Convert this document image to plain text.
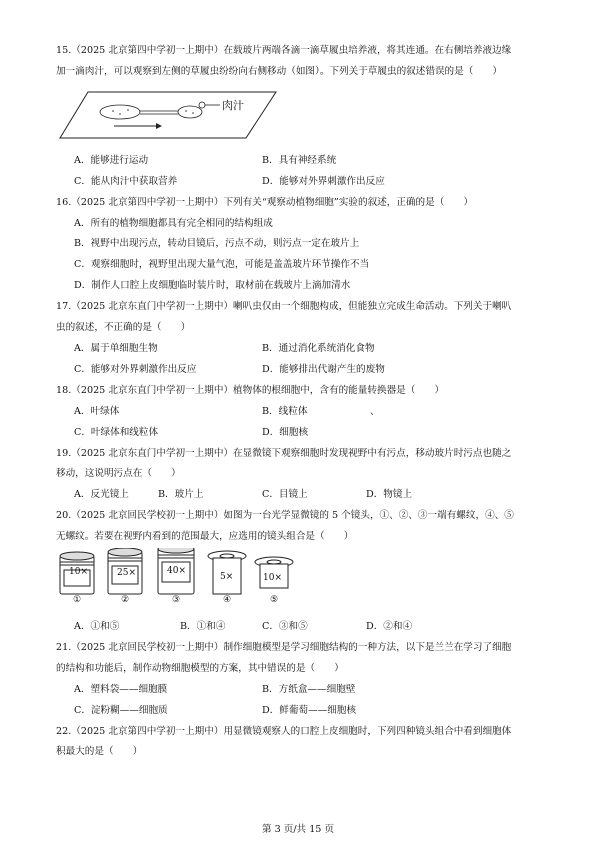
15.（2025 北京第四中学初一上期中）在载玻片两端各滴一滴草履虫培养液，将其连通。在右侧培养液边缘
加一滴肉汁，可以观察到左侧的草履虫纷纷向右侧移动（如图）。下列关于草履虫的叙述错误的是（　　）
肉汁
A．能够进行运动	B．具有神经系统
C．能从肉汁中获取营养	D．能够对外界刺激作出反应
16.（2025 北京第四中学初一上期中）下列有关“观察动植物细胞”实验的叙述，正确的是（　　）
A．所有的植物细胞都具有完全相同的结构组成
B．视野中出现污点，转动目镜后，污点不动，则污点一定在玻片上
C．观察细胞时，视野里出现大量气泡，可能是盖盖玻片环节操作不当
D．制作人口腔上皮细胞临时装片时，取材前在载玻片上滴加清水
17.（2025 北京东直门中学初一上期中）喇叭虫仅由一个细胞构成，但能独立完成生命活动。下列关于喇叭
虫的叙述，不正确的是（　　）
A．属于单细胞生物	B．通过消化系统消化食物
C．能够对外界刺激作出反应	D．能够排出代谢产生的废物
18.（2025 北京东直门中学初一上期中）植物体的根细胞中，含有的能量转换器是（　　）
A．叶绿体	B．线粒体	、
C．叶绿体和线粒体	D．细胞核
19.（2025 北京东直门中学初一上期中）在显微镜下观察细胞时发现视野中有污点，移动玻片时污点也随之
移动，这说明污点在（　　）
A．反光镜上	B．玻片上	C．目镜上	D．物镜上
20.（2025 北京回民学校初一上期中）如图为一台光学显微镜的 5 个镜头，①、②、③一端有螺纹，④、⑤
无螺纹。若要在视野内看到的范围最大，应选用的镜头组合是（　　）
10×	25×	40×
5×	10×
①	②	③	④	⑤
A．①和⑤	B．①和④	C．③和⑤	D．②和④
21.（2025 北京回民学校初一上期中）制作细胞模型是学习细胞结构的一种方法，以下是兰兰在学习了细胞
的结构和功能后，制作动物细胞模型的方案，其中错误的是（　　）
A．塑料袋——细胞膜	B．方纸盒——细胞壁
C．淀粉糊——细胞质	D．鲜葡萄——细胞核
22.（2025 北京第四中学初一上期中）用显微镜观察人的口腔上皮细胞时，下列四种镜头组合中看到细胞体
积最大的是（　　）
第 3 页/共 15 页
